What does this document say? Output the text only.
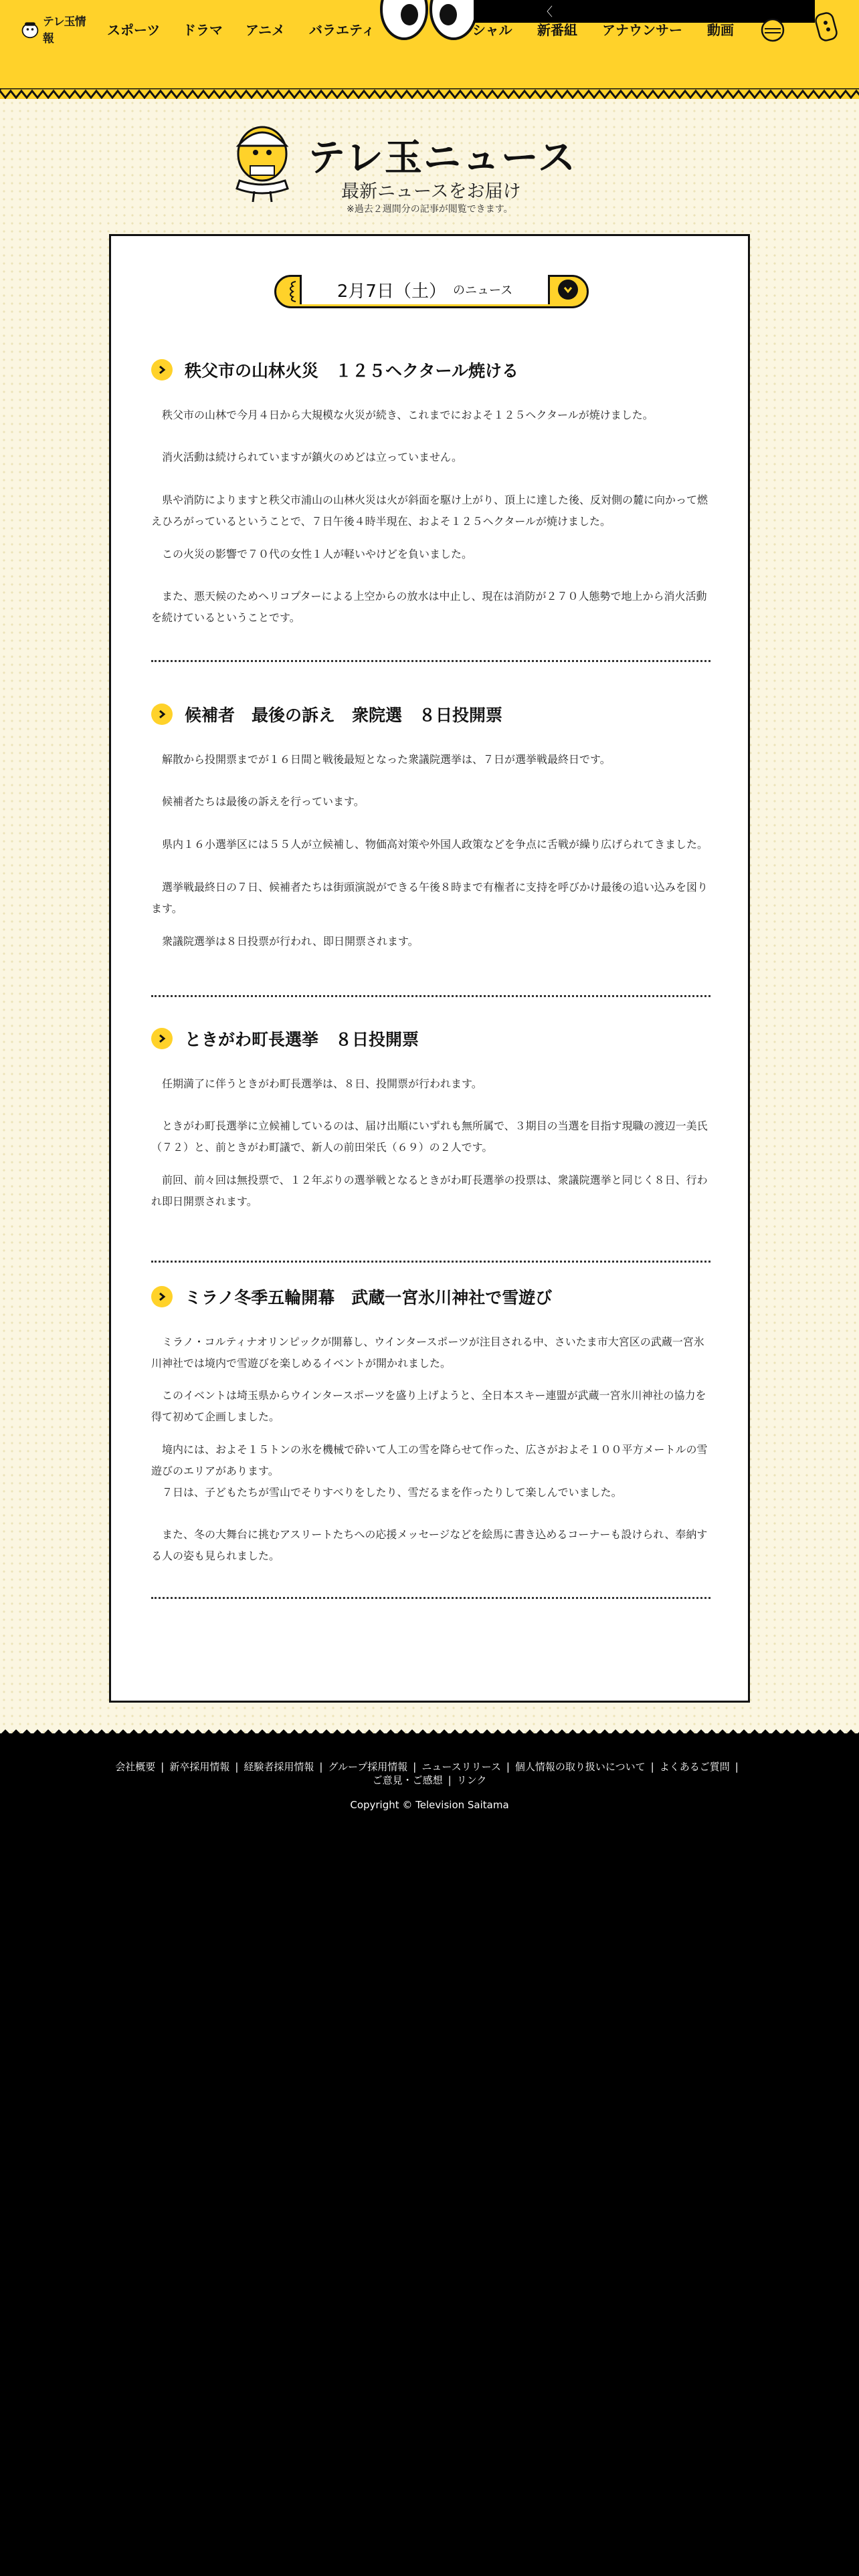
テレ玉情報
スポーツ ドラマ アニメ バラエティ
〈
シャル 新番組 アナウンサー 動画
テレ玉ニュース
最新ニュースをお届け
※過去２週間分の記事が閲覧できます。
2月7日（土） のニュース
秩父市の山林火災　１２５ヘクタール焼ける

秩父市の山林で今月４日から大規模な火災が続き、これまでにおよそ１２５ヘクタールが焼けました。

消火活動は続けられていますが鎮火のめどは立っていません。

県や消防によりますと秩父市浦山の山林火災は火が斜面を駆け上がり、頂上に達した後、反対側の麓に向かって燃えひろがっているということで、７日午後４時半現在、およそ１２５ヘクタールが焼けました。

この火災の影響で７０代の女性１人が軽いやけどを負いました。

また、悪天候のためヘリコプターによる上空からの放水は中止し、現在は消防が２７０人態勢で地上から消火活動を続けているということです。

候補者　最後の訴え　衆院選　８日投開票

解散から投開票までが１６日間と戦後最短となった衆議院選挙は、７日が選挙戦最終日です。

候補者たちは最後の訴えを行っています。

県内１６小選挙区には５５人が立候補し、物価高対策や外国人政策などを争点に舌戦が繰り広げられてきました。

選挙戦最終日の７日、候補者たちは街頭演説ができる午後８時まで有権者に支持を呼びかけ最後の追い込みを図ります。

衆議院選挙は８日投票が行われ、即日開票されます。

ときがわ町長選挙　８日投開票

任期満了に伴うときがわ町長選挙は、８日、投開票が行われます。

ときがわ町長選挙に立候補しているのは、届け出順にいずれも無所属で、３期目の当選を目指す現職の渡辺一美氏（７２）と、前ときがわ町議で、新人の前田栄氏（６９）の２人です。

前回、前々回は無投票で、１２年ぶりの選挙戦となるときがわ町長選挙の投票は、衆議院選挙と同じく８日、行われ即日開票されます。

ミラノ冬季五輪開幕　武蔵一宮氷川神社で雪遊び

ミラノ・コルティナオリンピックが開幕し、ウインタースポーツが注目される中、さいたま市大宮区の武蔵一宮氷川神社では境内で雪遊びを楽しめるイベントが開かれました。

このイベントは埼玉県からウインタースポーツを盛り上げようと、全日本スキー連盟が武蔵一宮氷川神社の協力を得て初めて企画しました。

境内には、およそ１５トンの氷を機械で砕いて人工の雪を降らせて作った、広さがおよそ１００平方メートルの雪遊びのエリアがあります。

７日は、子どもたちが雪山でそりすべりをしたり、雪だるまを作ったりして楽しんでいました。

また、冬の大舞台に挑むアスリートたちへの応援メッセージなどを絵馬に書き込めるコーナーも設けられ、奉納する人の姿も見られました。

会社概要 | 新卒採用情報 | 経験者採用情報 | グループ採用情報 | ニュースリリース | 個人情報の取り扱いについて | よくあるご質問 |
ご意見・ご感想 | リンク
Copyright © Television Saitama
